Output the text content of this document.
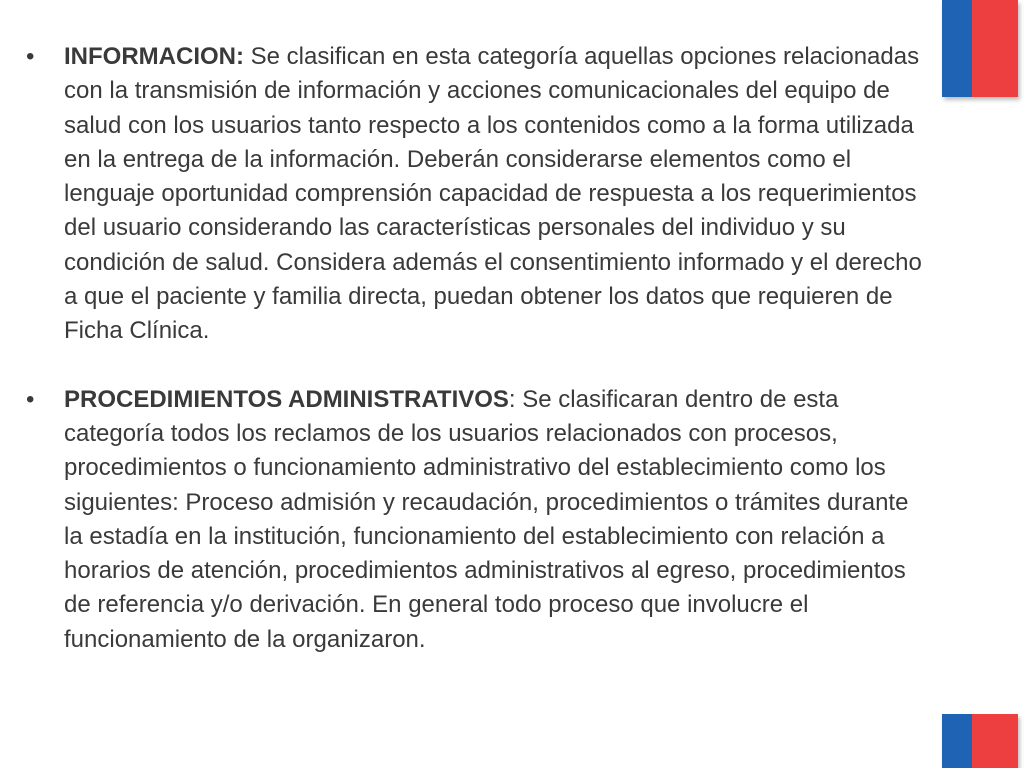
•	INFORMACION: Se clasifican en esta categoría aquellas opciones relacionadas con la transmisión de información y acciones comunicacionales del equipo de salud con los usuarios tanto respecto a los contenidos como a la forma utilizada en la entrega de la información. Deberán considerarse elementos como el lenguaje oportunidad comprensión capacidad de respuesta a los requerimientos del usuario considerando las características personales del individuo y su condición de salud. Considera además el consentimiento informado y el derecho a que el paciente y familia directa, puedan obtener los datos que requieren de Ficha Clínica.
•	PROCEDIMIENTOS ADMINISTRATIVOS: Se clasificaran dentro de esta categoría todos los reclamos de los usuarios relacionados con procesos, procedimientos o funcionamiento administrativo del establecimiento como los siguientes: Proceso admisión y recaudación, procedimientos o trámites durante la estadía en la institución, funcionamiento del establecimiento con relación a horarios de atención, procedimientos administrativos al egreso, procedimientos de referencia y/o derivación. En general todo proceso que involucre el funcionamiento de la organizaron.
